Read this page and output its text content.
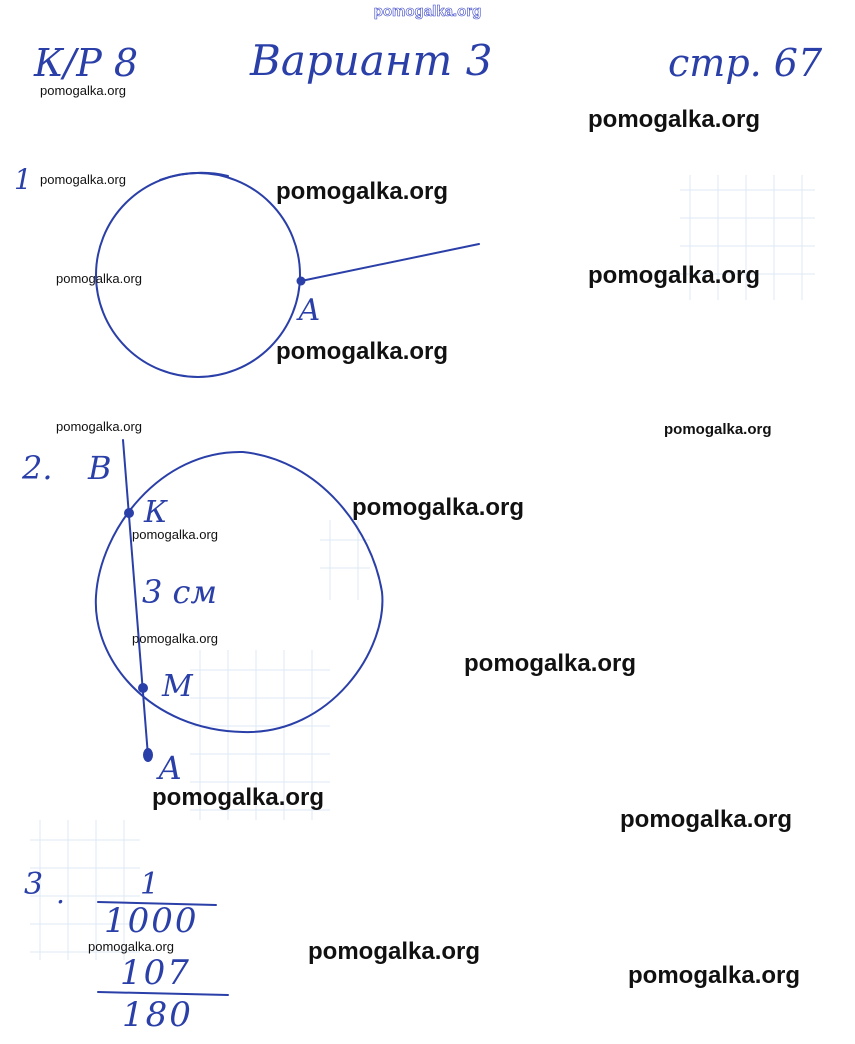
pomogalka.org
К/Р 8	Вариант 3	стр. 67
1
А
2. В
К
3 см
М
А
3 .	1
1000
107
180
pomogalka.org
pomogalka.org
pomogalka.org	pomogalka.org
pomogalka.org
pomogalka.org
pomogalka.org
pomogalka.org	pomogalka.org
pomogalka.org
pomogalka.org
pomogalka.org
pomogalka.org
pomogalka.org
pomogalka.org
pomogalka.org	pomogalka.org
pomogalka.org
